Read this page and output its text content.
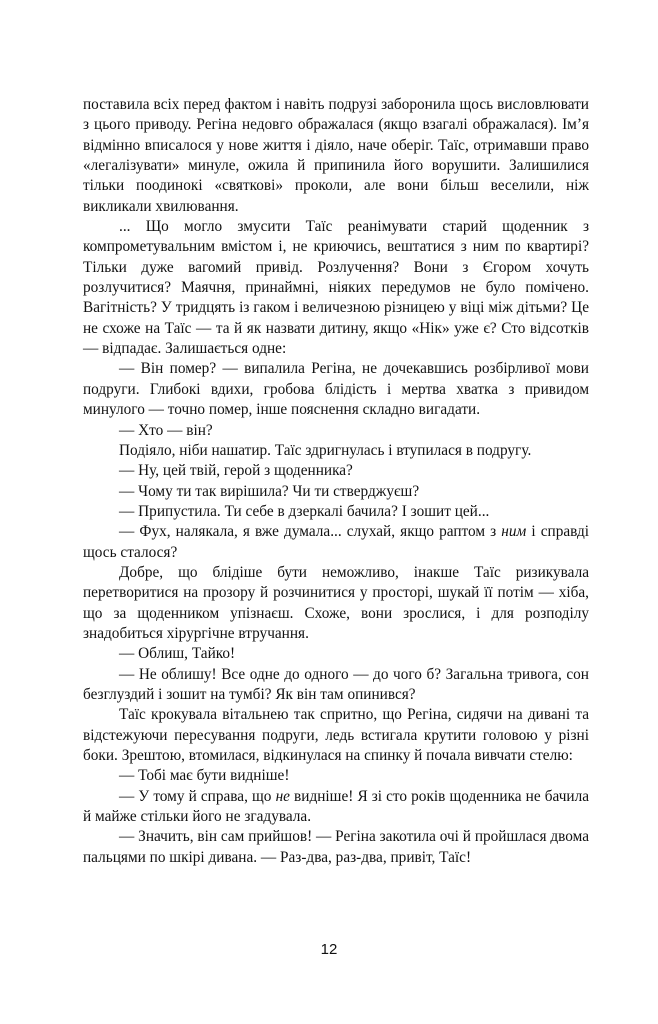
поставила всіх перед фактом і навіть подрузі заборонила щось висловлювати з цього приводу. Регіна недовго ображалася (якщо взагалі ображалася). Ім’я відмінно вписалося у нове життя і діяло, наче оберіг. Таїс, отримавши право «легалізувати» минуле, ожила й припинила його ворушити. Залишилися тільки поодинокі «святкові» проколи, але вони більш веселили, ніж викликали хвилювання.

... Що могло змусити Таїс реанімувати старий щоденник з компрометувальним вмістом і, не криючись, вештатися з ним по квартирі? Тільки дуже вагомий привід. Розлучення? Вони з Єгором хочуть розлучитися? Маячня, принаймні, ніяких передумов не було помічено. Вагітність? У тридцять із гаком і величезною різницею у віці між дітьми? Це не схоже на Таїс — та й як назвати дитину, якщо «Нік» уже є? Сто відсотків — відпадає. Залишається одне:

— Він помер? — випалила Регіна, не дочекавшись розбірливої мови подруги. Глибокі вдихи, гробова блідість і мертва хватка з привидом минулого — точно помер, інше пояснення складно вигадати.

— Хто — він?

Подіяло, ніби нашатир. Таїс здригнулась і втупилася в подругу.

— Ну, цей твій, герой з щоденника?

— Чому ти так вирішила? Чи ти стверджуєш?

— Припустила. Ти себе в дзеркалі бачила? І зошит цей...

— Фух, налякала, я вже думала... слухай, якщо раптом з ним і справді щось сталося?

Добре, що блідіше бути неможливо, інакше Таїс ризикувала перетворитися на прозору й розчинитися у просторі, шукай її потім — хіба, що за щоденником упізнаєш. Схоже, вони зрослися, і для розподілу знадобиться хірургічне втручання.

— Облиш, Тайко!

— Не облишу! Все одне до одного — до чого б? Загальна тривога, сон безглуздий і зошит на тумбі? Як він там опинився?

Таїс крокувала вітальнею так спритно, що Регіна, сидячи на дивані та відстежуючи пересування подруги, ледь встигала крутити головою у різні боки. Зрештою, втомилася, відкинулася на спинку й почала вивчати стелю:

— Тобі має бути видніше!

— У тому й справа, що не видніше! Я зі сто років щоденника не бачила й майже стільки його не згадувала.

— Значить, він сам прийшов! — Регіна закотила очі й пройшлася двома пальцями по шкірі дивана. — Раз-два, раз-два, привіт, Таїс!

12
